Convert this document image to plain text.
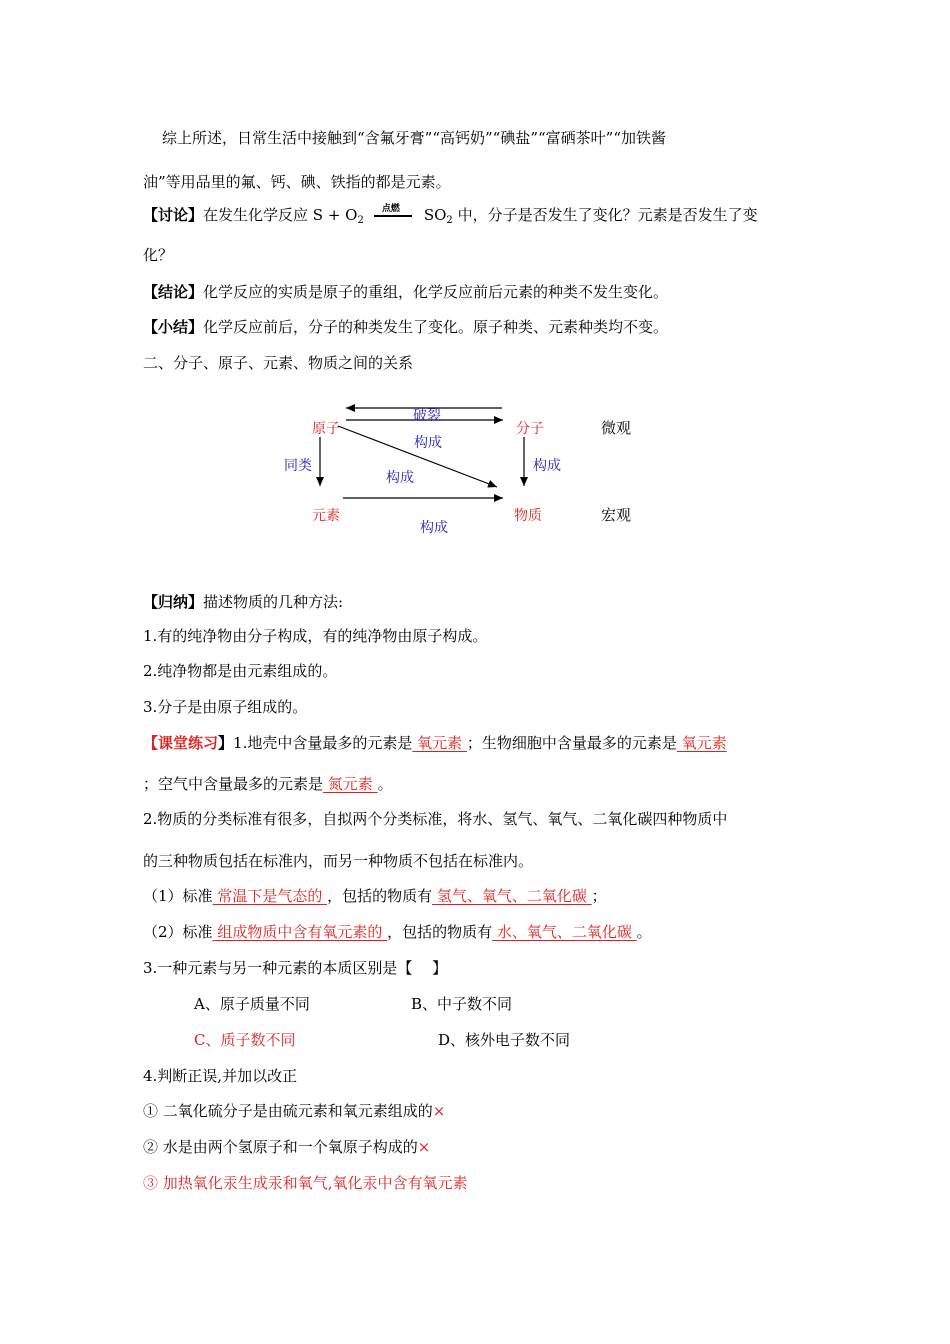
综上所述，日常生活中接触到“含氟牙膏”“高钙奶”“碘盐”“富硒茶叶”“加铁酱
油”等用品里的氟、钙、碘、铁指的都是元素。
【讨论】在发生化学反应 $S + O_2$
点燃 $SO_2$ 中，分子是否发生了变化？元素是否发生了变
化？
【结论】化学反应的实质是原子的重组，化学反应前后元素的种类不发生变化。
【小结】化学反应前后，分子的种类发生了变化。原子种类、元素种类均不变。
二、分子、原子、元素、物质之间的关系
原子	分子
元素	物质
破裂
构成
构成
构成
构成
同类
微观
宏观
【归纳】描述物质的几种方法:
1.有的纯净物由分子构成，有的纯净物由原子构成。
2.纯净物都是由元素组成的。
3.分子是由原子组成的。
【课堂练习】1.地壳中含量最多的元素是 氧元素 ；生物细胞中含量最多的元素是 氧元素
；空气中含量最多的元素是 氮元素 。
2.物质的分类标准有很多，自拟两个分类标准，将水、氢气、氧气、二氧化碳四种物质中
的三种物质包括在标准内，而另一种物质不包括在标准内。
（1）标准 常温下是气态的 ，包括的物质有 氢气、氧气、二氧化碳 ；
（2）标准 组成物质中含有氧元素的 ，包括的物质有 水、氧气、二氧化碳 。
3.一种元素与另一种元素的本质区别是【　 】
A、原子质量不同	B、中子数不同
C、质子数不同	D、核外电子数不同
4.判断正误,并加以改正
① 二氧化硫分子是由硫元素和氧元素组成的×
② 水是由两个氢原子和一个氧原子构成的×
③ 加热氧化汞生成汞和氧气,氧化汞中含有氧元素
